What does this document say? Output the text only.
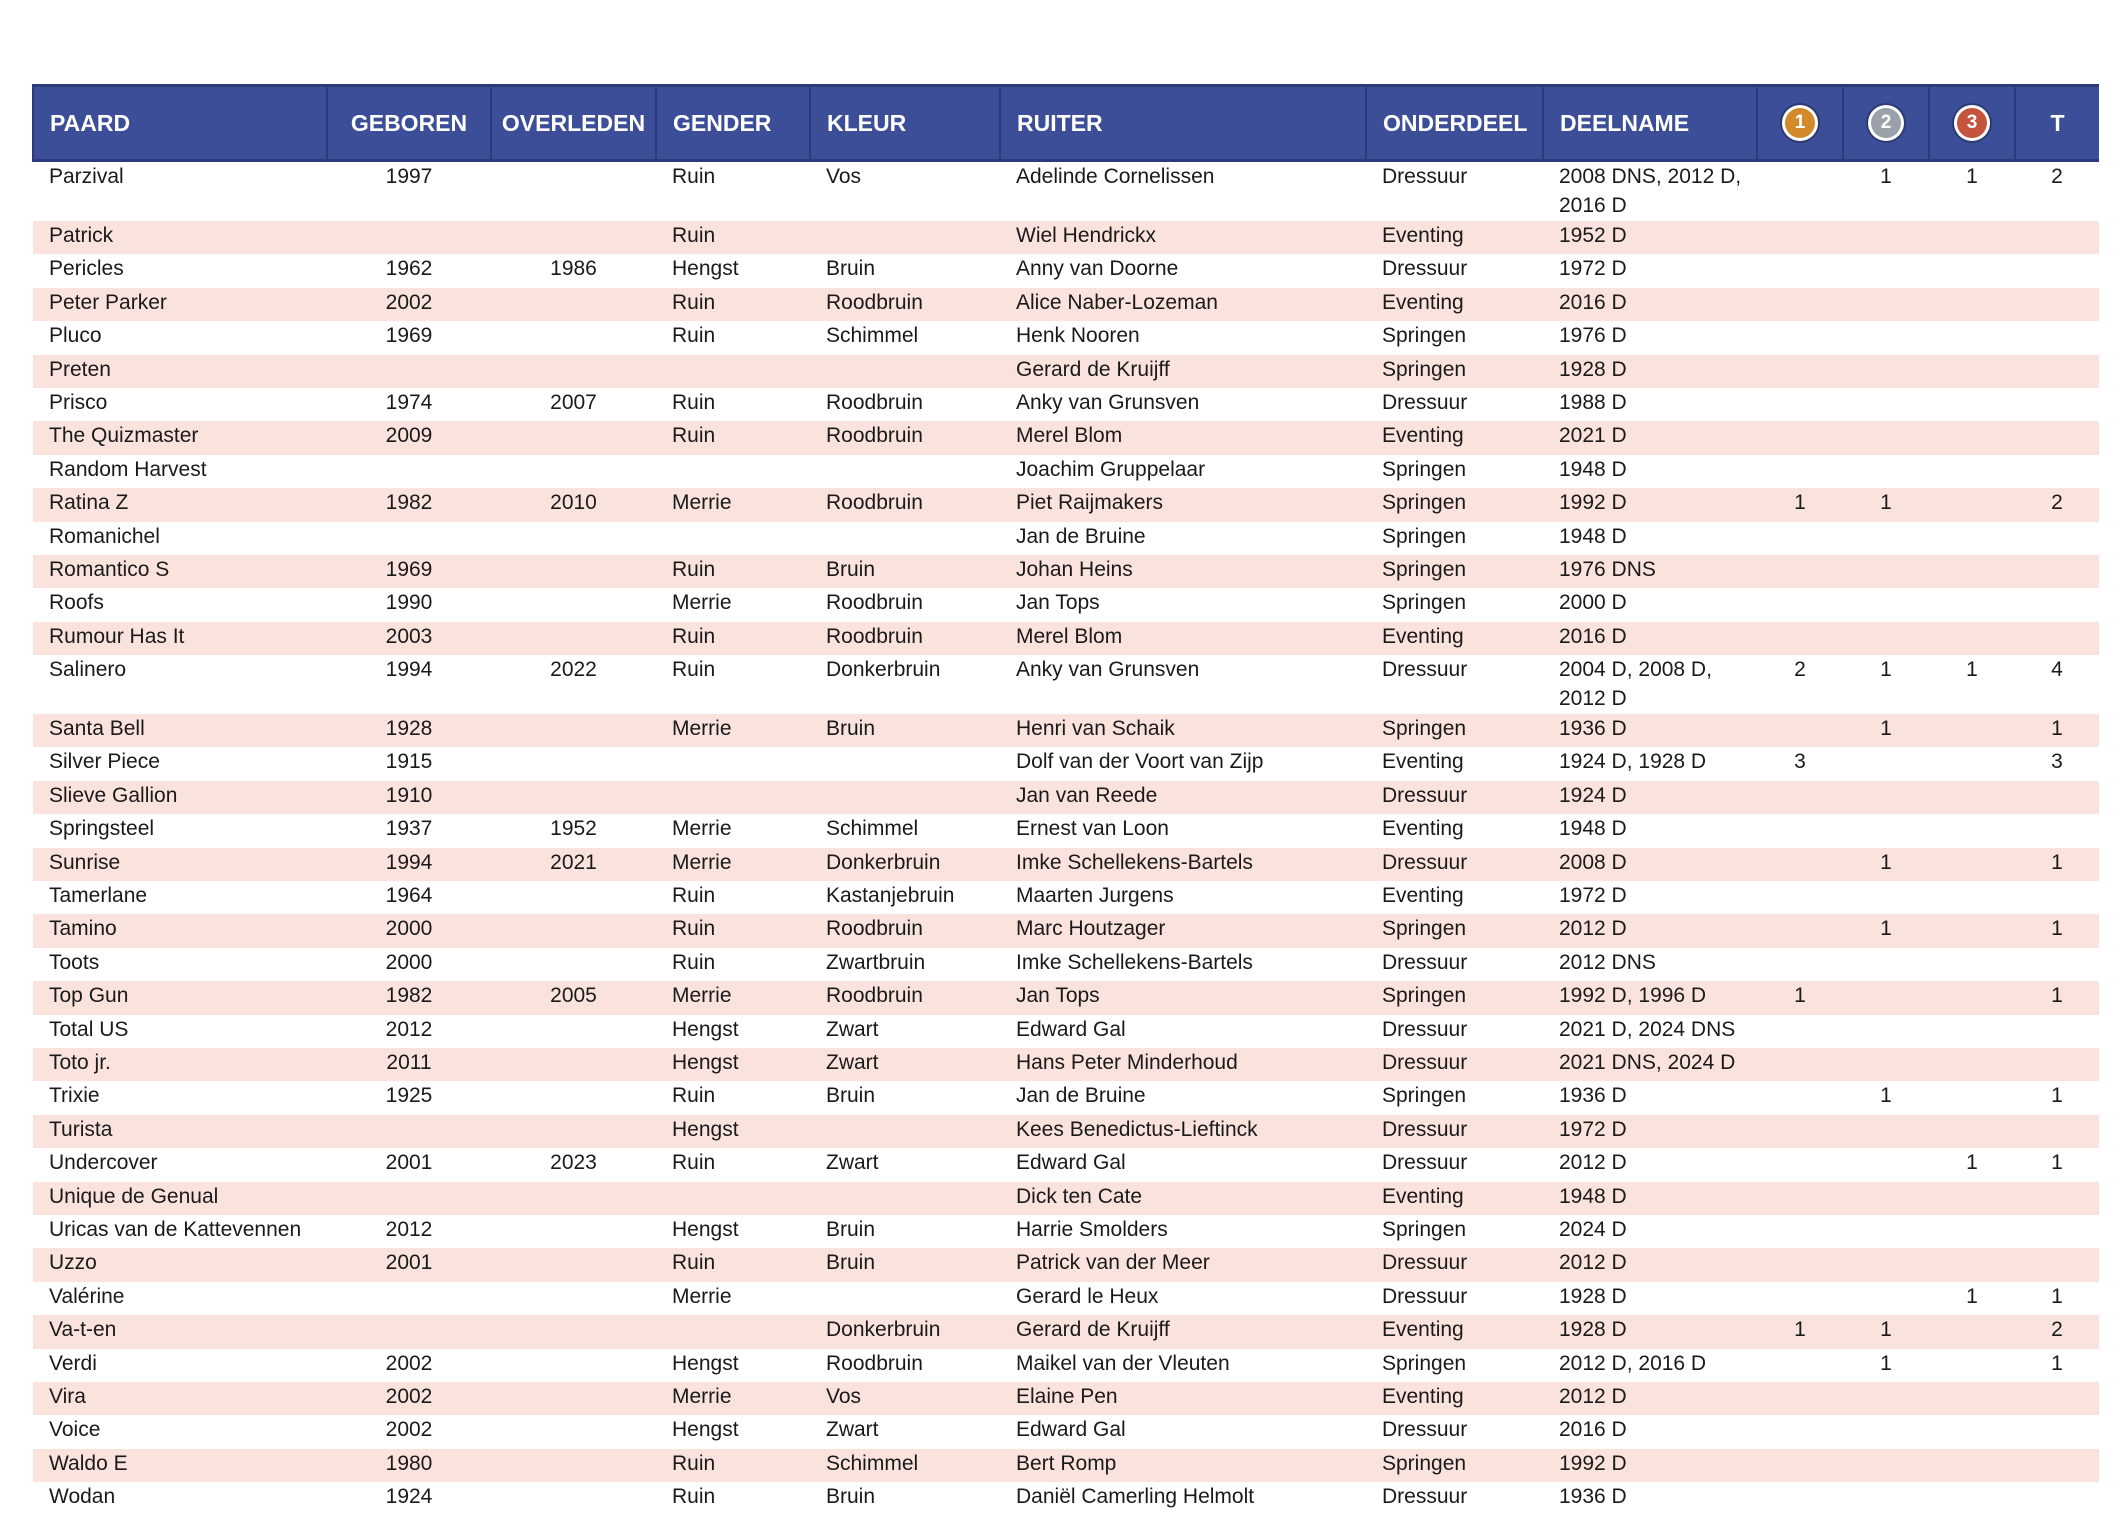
PAARD	GEBOREN	OVERLEDEN	GENDER	KLEUR	RUITER	ONDERDEEL	DEELNAME	1	2	3	T
Parzival	1997		Ruin	Vos	Adelinde Cornelissen	Dressuur	2008 DNS, 2012 D, 2016 D		1	1	2
Patrick			Ruin		Wiel Hendrickx	Eventing	1952 D				
Pericles	1962	1986	Hengst	Bruin	Anny van Doorne	Dressuur	1972 D				
Peter Parker	2002		Ruin	Roodbruin	Alice Naber-Lozeman	Eventing	2016 D				
Pluco	1969		Ruin	Schimmel	Henk Nooren	Springen	1976 D				
Preten					Gerard de Kruijff	Springen	1928 D				
Prisco	1974	2007	Ruin	Roodbruin	Anky van Grunsven	Dressuur	1988 D				
The Quizmaster	2009		Ruin	Roodbruin	Merel Blom	Eventing	2021 D				
Random Harvest					Joachim Gruppelaar	Springen	1948 D				
Ratina Z	1982	2010	Merrie	Roodbruin	Piet Raijmakers	Springen	1992 D	1	1		2
Romanichel					Jan de Bruine	Springen	1948 D				
Romantico S	1969		Ruin	Bruin	Johan Heins	Springen	1976 DNS				
Roofs	1990		Merrie	Roodbruin	Jan Tops	Springen	2000 D				
Rumour Has It	2003		Ruin	Roodbruin	Merel Blom	Eventing	2016 D				
Salinero	1994	2022	Ruin	Donkerbruin	Anky van Grunsven	Dressuur	2004 D, 2008 D, 2012 D	2	1	1	4
Santa Bell	1928		Merrie	Bruin	Henri van Schaik	Springen	1936 D		1		1
Silver Piece	1915				Dolf van der Voort van Zijp	Eventing	1924 D, 1928 D	3			3
Slieve Gallion	1910				Jan van Reede	Dressuur	1924 D				
Springsteel	1937	1952	Merrie	Schimmel	Ernest van Loon	Eventing	1948 D				
Sunrise	1994	2021	Merrie	Donkerbruin	Imke Schellekens-Bartels	Dressuur	2008 D		1		1
Tamerlane	1964		Ruin	Kastanjebruin	Maarten Jurgens	Eventing	1972 D				
Tamino	2000		Ruin	Roodbruin	Marc Houtzager	Springen	2012 D		1		1
Toots	2000		Ruin	Zwartbruin	Imke Schellekens-Bartels	Dressuur	2012 DNS				
Top Gun	1982	2005	Merrie	Roodbruin	Jan Tops	Springen	1992 D, 1996 D	1			1
Total US	2012		Hengst	Zwart	Edward Gal	Dressuur	2021 D, 2024 DNS				
Toto jr.	2011		Hengst	Zwart	Hans Peter Minderhoud	Dressuur	2021 DNS, 2024 D				
Trixie	1925		Ruin	Bruin	Jan de Bruine	Springen	1936 D		1		1
Turista			Hengst		Kees Benedictus-Lieftinck	Dressuur	1972 D				
Undercover	2001	2023	Ruin	Zwart	Edward Gal	Dressuur	2012 D			1	1
Unique de Genual					Dick ten Cate	Eventing	1948 D				
Uricas van de Kattevennen	2012		Hengst	Bruin	Harrie Smolders	Springen	2024 D				
Uzzo	2001		Ruin	Bruin	Patrick van der Meer	Dressuur	2012 D				
Valérine			Merrie		Gerard le Heux	Dressuur	1928 D			1	1
Va-t-en				Donkerbruin	Gerard de Kruijff	Eventing	1928 D	1	1		2
Verdi	2002		Hengst	Roodbruin	Maikel van der Vleuten	Springen	2012 D, 2016 D		1		1
Vira	2002		Merrie	Vos	Elaine Pen	Eventing	2012 D				
Voice	2002		Hengst	Zwart	Edward Gal	Dressuur	2016 D				
Waldo E	1980		Ruin	Schimmel	Bert Romp	Springen	1992 D				
Wodan	1924		Ruin	Bruin	Daniël Camerling Helmolt	Dressuur	1936 D				
